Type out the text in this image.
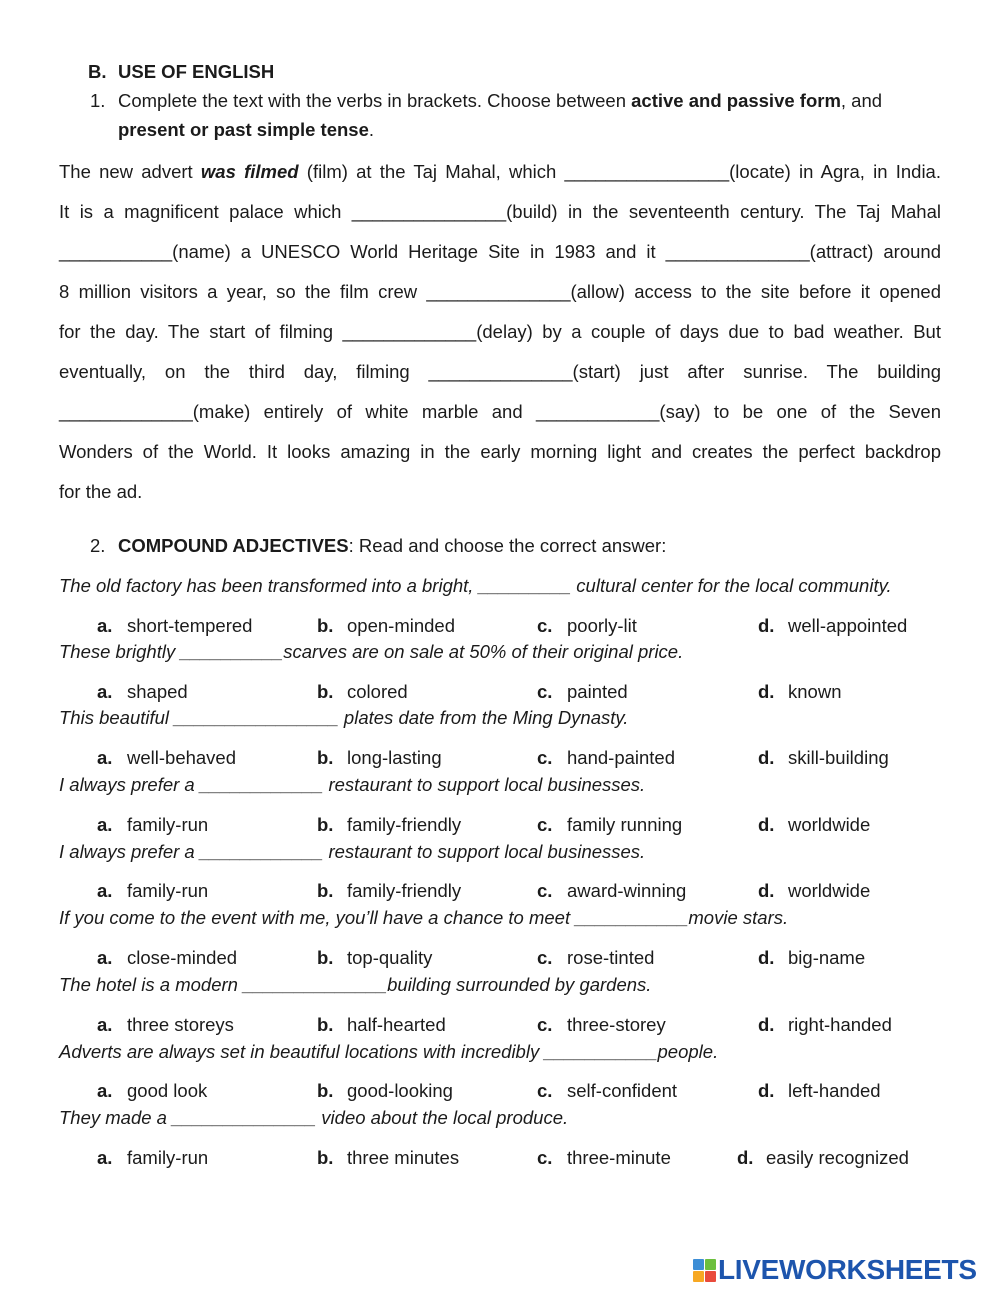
B. USE OF ENGLISH
1. Complete the text with the verbs in brackets. Choose between active and passive form, and
present or past simple tense.
The new advert was filmed (film) at the Taj Mahal, which ________________(locate) in Agra, in India.
It is a magnificent palace which _______________(build) in the seventeenth century. The Taj Mahal
___________(name) a UNESCO World Heritage Site in 1983 and it ______________(attract) around
8 million visitors a year, so the film crew ______________(allow) access to the site before it opened
for the day. The start of filming _____________(delay) by a couple of days due to bad weather. But
eventually, on the third day, filming ______________(start) just after sunrise. The building
_____________(make) entirely of white marble and ____________(say) to be one of the Seven
Wonders of the World. It looks amazing in the early morning light and creates the perfect backdrop
for the ad.
2. COMPOUND ADJECTIVES: Read and choose the correct answer:
The old factory has been transformed into a bright, _________ cultural center for the local community.
a. short-tempered	b. open-minded	c. poorly-lit	d. well-appointed
These brightly __________scarves are on sale at 50% of their original price.
a. shaped	b. colored	c. painted	d. known
This beautiful ________________ plates date from the Ming Dynasty.
a. well-behaved	b. long-lasting	c. hand-painted	d. skill-building
I always prefer a ____________ restaurant to support local businesses.
a. family-run	b. family-friendly	c. family running	d. worldwide
I always prefer a ____________ restaurant to support local businesses.
a. family-run	b. family-friendly	c. award-winning	d. worldwide
If you come to the event with me, you’ll have a chance to meet ___________movie stars.
a. close-minded	b. top-quality	c. rose-tinted	d. big-name
The hotel is a modern ______________building surrounded by gardens.
a. three storeys	b. half-hearted	c. three-storey	d. right-handed
Adverts are always set in beautiful locations with incredibly ___________people.
a. good look	b. good-looking	c. self-confident	d. left-handed
They made a ______________ video about the local produce.
a. family-run	b. three minutes	c. three-minute	d. easily recognized
LIVEWORKSHEETS
